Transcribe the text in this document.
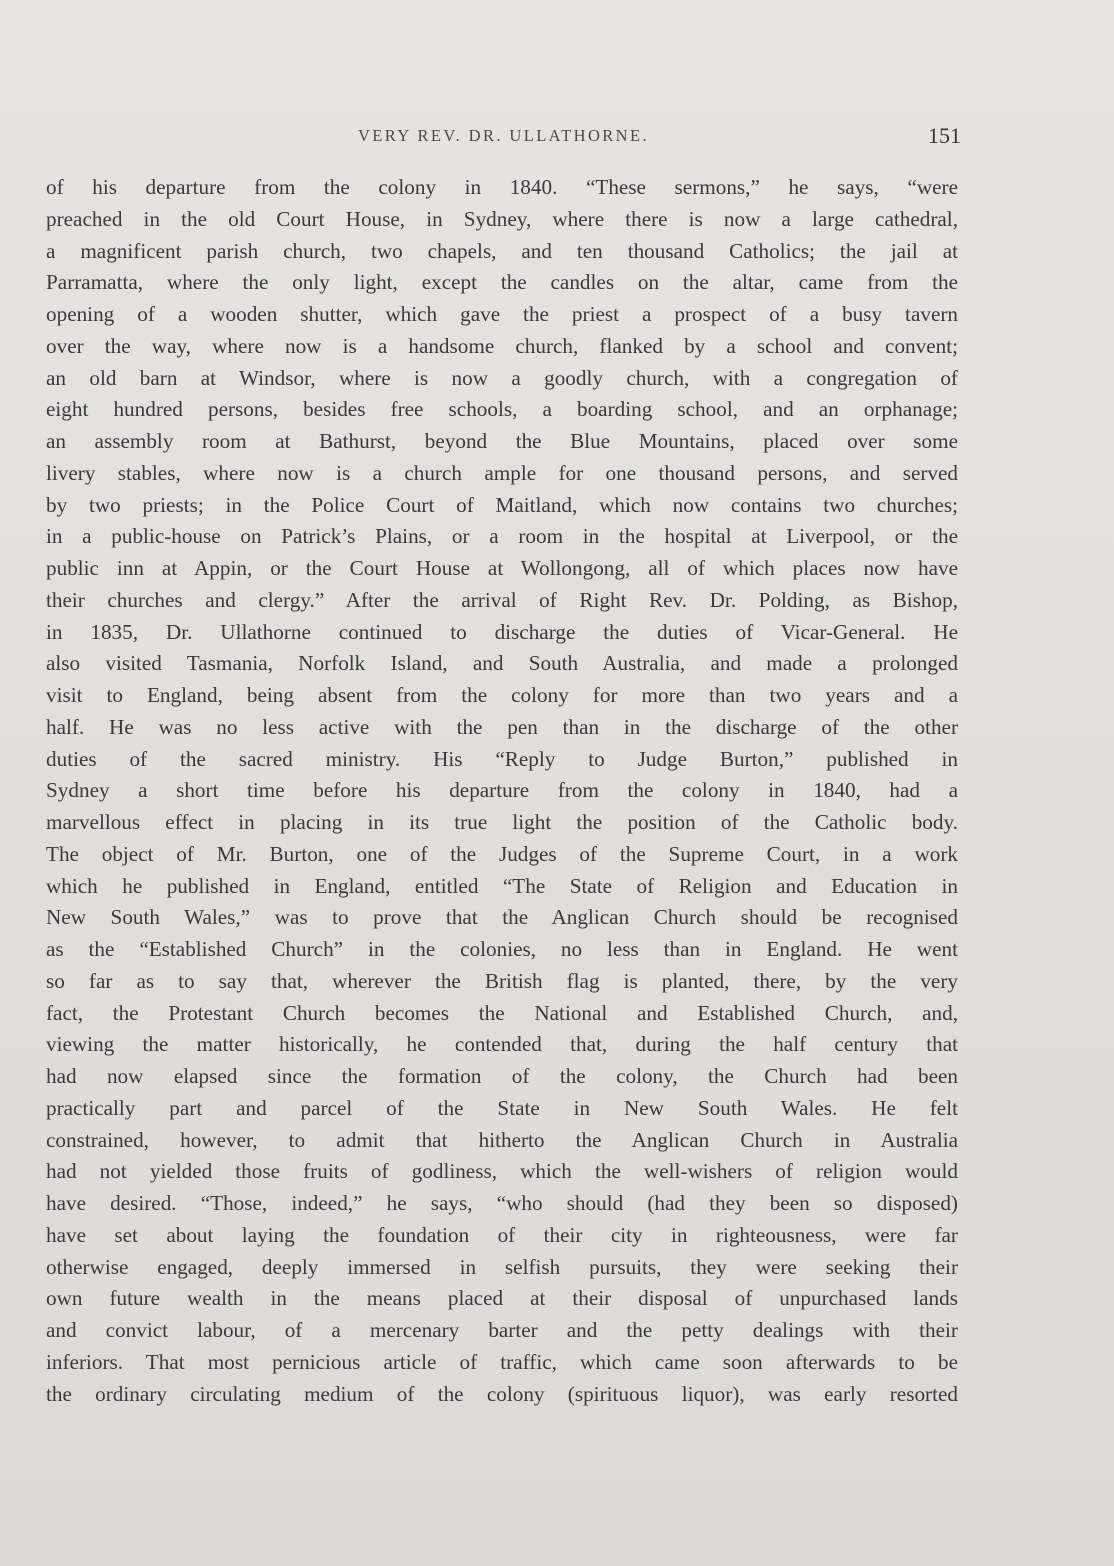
VERY REV. DR. ULLATHORNE.	151
of his departure from the colony in 1840. “These sermons,” he says, “were
preached in the old Court House, in Sydney, where there is now a large cathedral,
a magnificent parish church, two chapels, and ten thousand Catholics; the jail at
Parramatta, where the only light, except the candles on the altar, came from the
opening of a wooden shutter, which gave the priest a prospect of a busy tavern
over the way, where now is a handsome church, flanked by a school and convent;
an old barn at Windsor, where is now a goodly church, with a congregation of
eight hundred persons, besides free schools, a boarding school, and an orphanage;
an assembly room at Bathurst, beyond the Blue Mountains, placed over some
livery stables, where now is a church ample for one thousand persons, and served
by two priests; in the Police Court of Maitland, which now contains two churches;
in a public-house on Patrick’s Plains, or a room in the hospital at Liverpool, or the
public inn at Appin, or the Court House at Wollongong, all of which places now have
their churches and clergy.” After the arrival of Right Rev. Dr. Polding, as Bishop,
in 1835, Dr. Ullathorne continued to discharge the duties of Vicar-General. He
also visited Tasmania, Norfolk Island, and South Australia, and made a prolonged
visit to England, being absent from the colony for more than two years and a
half. He was no less active with the pen than in the discharge of the other
duties of the sacred ministry. His “Reply to Judge Burton,” published in
Sydney a short time before his departure from the colony in 1840, had a
marvellous effect in placing in its true light the position of the Catholic body.
The object of Mr. Burton, one of the Judges of the Supreme Court, in a work
which he published in England, entitled “The State of Religion and Education in
New South Wales,” was to prove that the Anglican Church should be recognised
as the “Established Church” in the colonies, no less than in England. He went
so far as to say that, wherever the British flag is planted, there, by the very
fact, the Protestant Church becomes the National and Established Church, and,
viewing the matter historically, he contended that, during the half century that
had now elapsed since the formation of the colony, the Church had been
practically part and parcel of the State in New South Wales. He felt
constrained, however, to admit that hitherto the Anglican Church in Australia
had not yielded those fruits of godliness, which the well-wishers of religion would
have desired. “Those, indeed,” he says, “who should (had they been so disposed)
have set about laying the foundation of their city in righteousness, were far
otherwise engaged, deeply immersed in selfish pursuits, they were seeking their
own future wealth in the means placed at their disposal of unpurchased lands
and convict labour, of a mercenary barter and the petty dealings with their
inferiors. That most pernicious article of traffic, which came soon afterwards to be
the ordinary circulating medium of the colony (spirituous liquor), was early resorted
